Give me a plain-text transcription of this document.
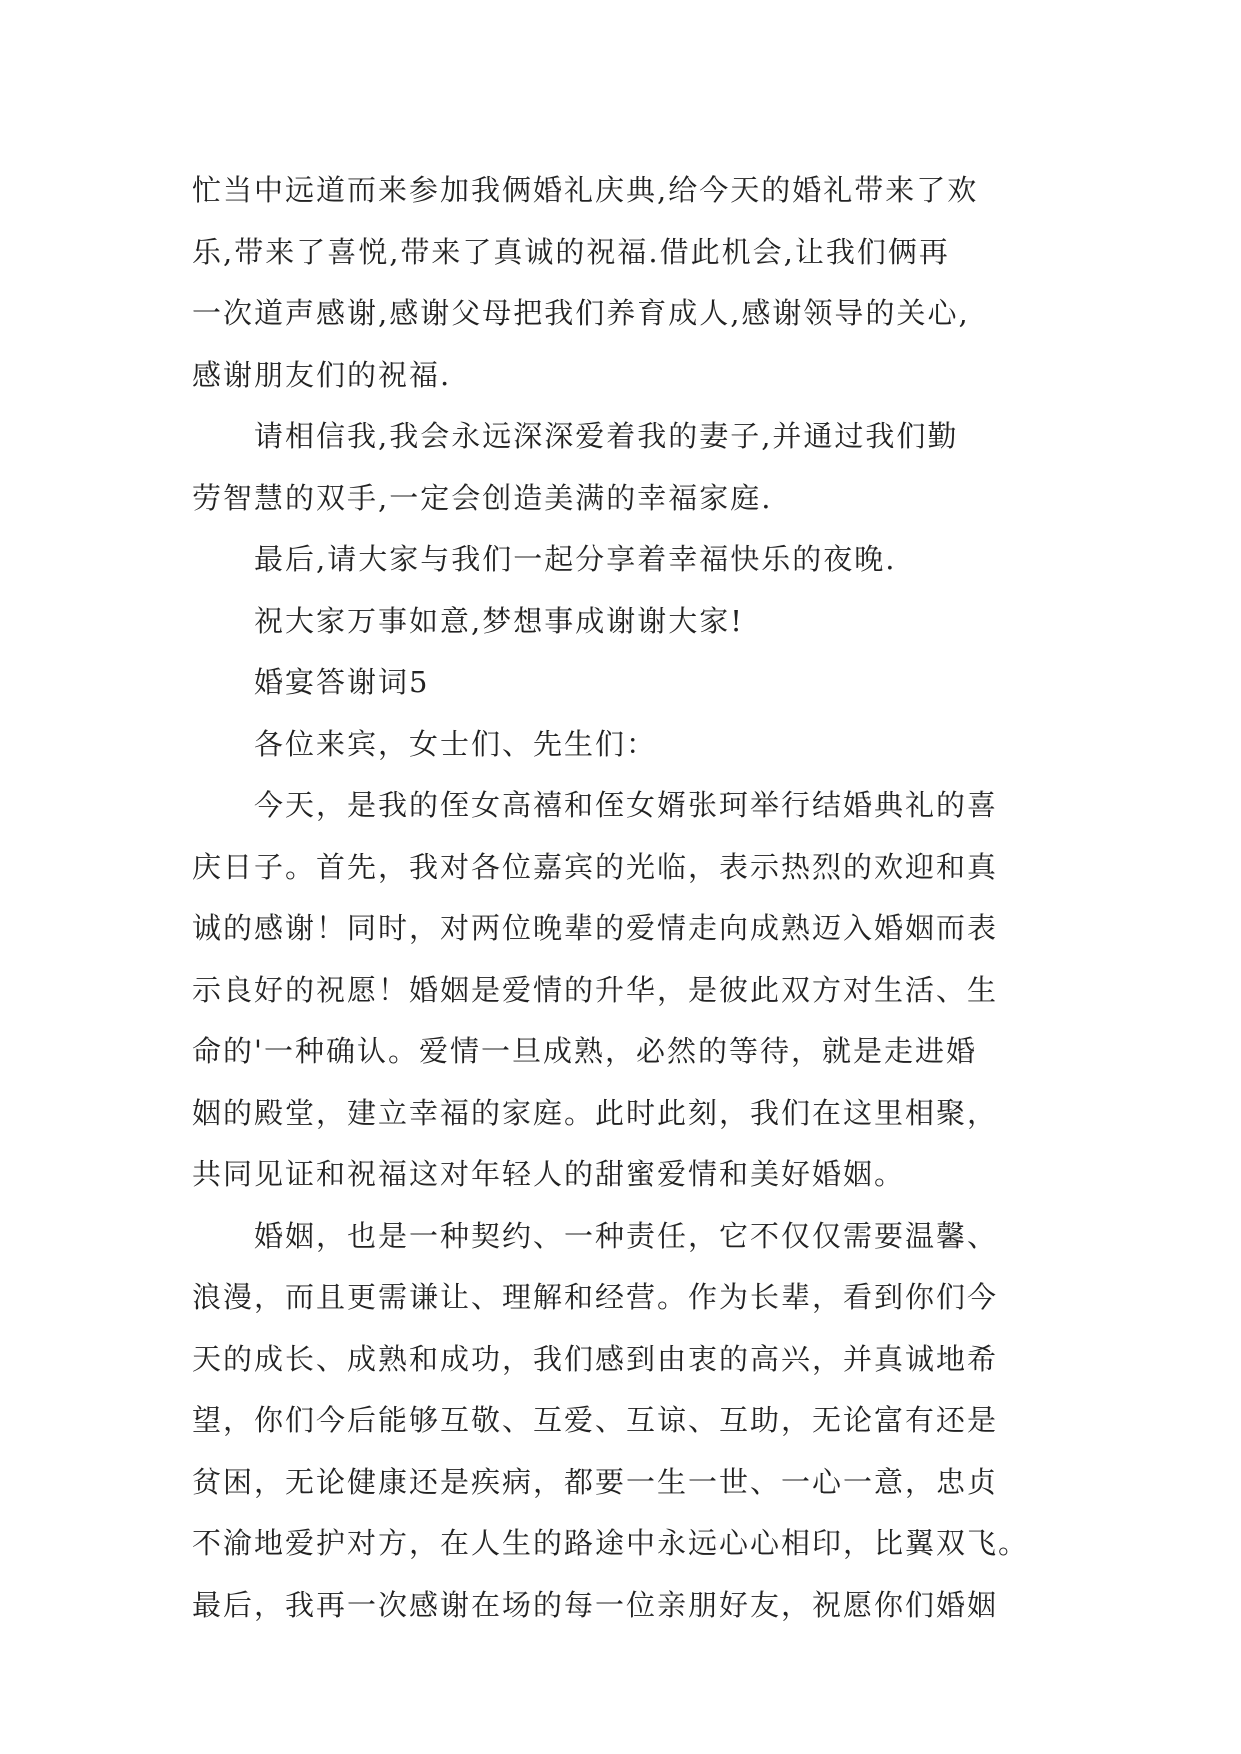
忙当中远道而来参加我俩婚礼庆典,给今天的婚礼带来了欢
乐,带来了喜悦,带来了真诚的祝福.借此机会,让我们俩再
一次道声感谢,感谢父母把我们养育成人,感谢领导的关心,
感谢朋友们的祝福.
请相信我,我会永远深深爱着我的妻子,并通过我们勤
劳智慧的双手,一定会创造美满的幸福家庭.
最后,请大家与我们一起分享着幸福快乐的夜晚.
祝大家万事如意,梦想事成谢谢大家!
婚宴答谢词5
各位来宾，女士们、先生们：
今天，是我的侄女高禧和侄女婿张珂举行结婚典礼的喜
庆日子。首先，我对各位嘉宾的光临，表示热烈的欢迎和真
诚的感谢！同时，对两位晚辈的爱情走向成熟迈入婚姻而表
示良好的祝愿！婚姻是爱情的升华，是彼此双方对生活、生
命的'一种确认。爱情一旦成熟，必然的等待，就是走进婚
姻的殿堂，建立幸福的家庭。此时此刻，我们在这里相聚，
共同见证和祝福这对年轻人的甜蜜爱情和美好婚姻。
婚姻，也是一种契约、一种责任，它不仅仅需要温馨、
浪漫，而且更需谦让、理解和经营。作为长辈，看到你们今
天的成长、成熟和成功，我们感到由衷的高兴，并真诚地希
望，你们今后能够互敬、互爱、互谅、互助，无论富有还是
贫困，无论健康还是疾病，都要一生一世、一心一意，忠贞
不渝地爱护对方，在人生的路途中永远心心相印，比翼双飞。
最后，我再一次感谢在场的每一位亲朋好友，祝愿你们婚姻
